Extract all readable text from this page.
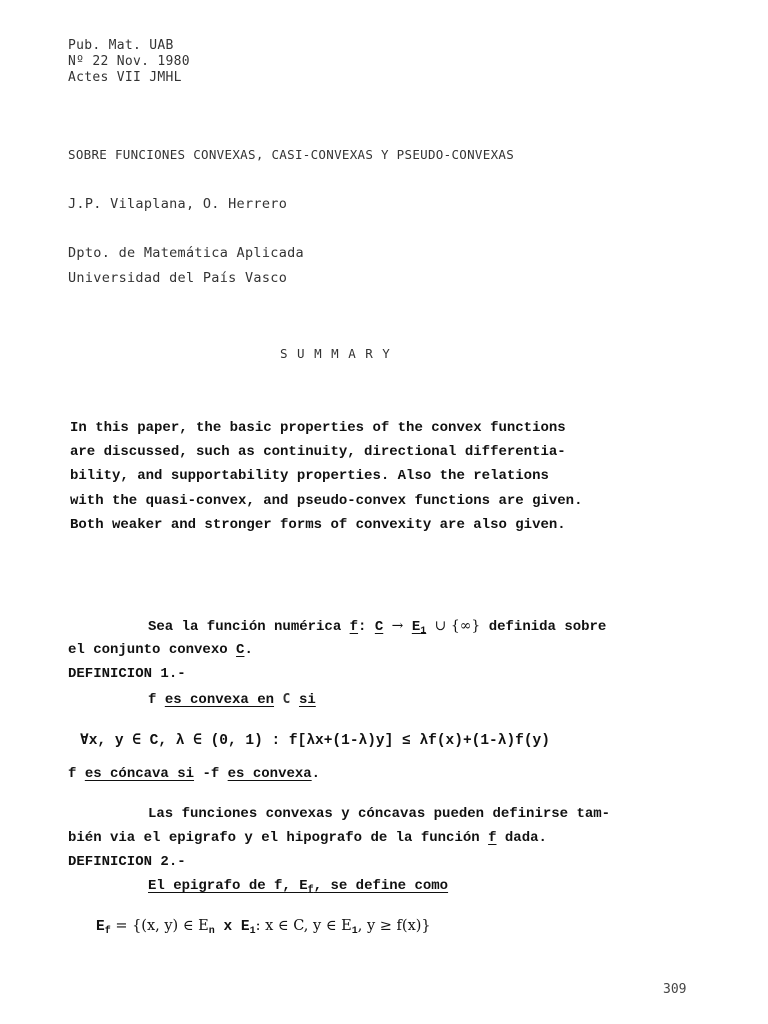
Pub. Mat. UAB
Nº 22 Nov. 1980
Actes VII JMHL
SOBRE FUNCIONES CONVEXAS, CASI-CONVEXAS Y PSEUDO-CONVEXAS
J.P. Vilaplana, O. Herrero
Dpto. de Matemática Aplicada
Universidad del País Vasco
S U M M A R Y
In this paper, the basic properties of the convex functions
are discussed, such as continuity, directional differentia-
bility, and supportability properties. Also the relations
with the quasi-convex, and pseudo-convex functions are given.
Both weaker and stronger forms of convexity are also given.
Sea la función numérica f: $C \to E_1$ ∪ {∞} definida sobre
el conjunto convexo C.
DEFINICION 1.-
f es convexa en C si
∀x, y ∈ C, λ ∈ (0, 1) : f[λx+(1-λ)y] ≤ λf(x)+(1-λ)f(y)
f es cóncava si -f es convexa.
Las funciones convexas y cóncavas pueden definirse tam-
bién via el epigrafo y el hipografo de la función f dada.
DEFINICION 2.-
El epigrafo de f, $E_f$, se define como
$E_f = \{(x$, y) ∈ $E_n$ x $E_1$: x ∈ C, y ∈ $E_1$, y ≥ f(x)}
309
